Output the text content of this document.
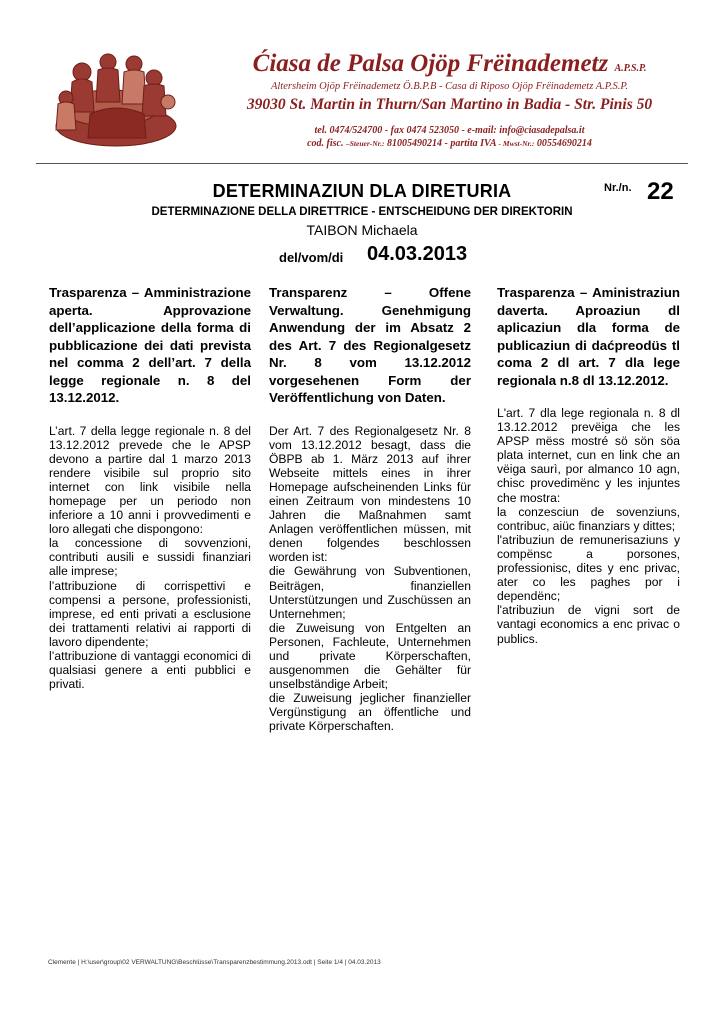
Ćiasa de Palsa Ojöp Frëinademetz A.P.S.P.
Altersheim Ojöp Frëinademetz Ö.B.P.B - Casa di Riposo Ojöp Frëinademetz A.P.S.P.
39030 St. Martin in Thurn/San Martino in Badia - Str. Pinis 50
tel. 0474/524700 - fax 0474 523050 - e-mail: info@ciasadepalsa.it
cod. fisc. –Steuer-Nr.: 81005490214 - partita IVA - Mwst-Nr.: 00554690214
DETERMINAZIUN DLA DIRETURIA	Nr./n. 22
DETERMINAZIONE DELLA DIRETTRICE - ENTSCHEIDUNG DER DIREKTORIN
TAIBON Michaela
del/vom/di 04.03.2013
Trasparenza – Amministrazione aperta. Approvazione dell’applicazione della forma di pubblicazione dei dati prevista nel comma 2 dell’art. 7 della legge regionale n. 8 del 13.12.2012.

L’art. 7 della legge regionale n. 8 del 13.12.2012 prevede che le APSP devono a partire dal 1 marzo 2013 rendere visibile sul proprio sito internet con link visibile nella homepage per un periodo non inferiore a 10 anni i provvedimenti e loro allegati che dispongono:

la concessione di sovvenzioni, contributi ausili e sussidi finanziari alle imprese;

l’attribuzione di corrispettivi e compensi a persone, professionisti, imprese, ed enti privati a esclusione dei trattamenti relativi ai rapporti di lavoro dipendente;

l’attribuzione di vantaggi economici di qualsiasi genere a enti pubblici e privati.

Transparenz – Offene Verwaltung. Genehmigung Anwendung der im Absatz 2 des Art. 7 des Regionalgesetz Nr. 8 vom 13.12.2012 vorgesehenen Form der Veröffentlichung von Daten.

Der Art. 7 des Regionalgesetz Nr. 8 vom 13.12.2012 besagt, dass die ÖBPB ab 1. März 2013 auf ihrer Webseite mittels eines in ihrer Homepage aufscheinenden Links für einen Zeitraum von mindestens 10 Jahren die Maßnahmen samt Anlagen veröffentlichen müssen, mit denen folgendes beschlossen worden ist:

die Gewährung von Subventionen, Beiträgen, finanziellen Unterstützungen und Zuschüssen an Unternehmen;

die Zuweisung von Entgelten an Personen, Fachleute, Unternehmen und private Körperschaften, ausgenommen die Gehälter für unselbständige Arbeit;

die Zuweisung jeglicher finanzieller Vergünstigung an öffentliche und private Körperschaften.

Trasparenza – Aministraziun daverta. Aproaziun dl aplicaziun dla forma de publicaziun di daćpreodüs tl coma 2 dl art. 7 dla lege regionala n.8 dl 13.12.2012.

L'art. 7 dla lege regionala n. 8 dl 13.12.2012 prevëiga che les APSP mëss mostré sö sön söa plata internet, cun en link che an vëiga saurì, por almanco 10 agn, chisc provedimënc y les injuntes che mostra:

la conzesciun de sovenziuns, contribuc, aiüc finanziars y dittes;

l'atribuziun de remunerisaziuns y compënsc a porsones, professionisc, dites y enc privac, ater co les paghes por i dependënc;

l'atribuziun de vigni sort de vantagi economics a enc privac o publics.

Clemente | H:\user\group\02 VERWALTUNG\Beschlüsse\Transparenzbestimmung.2013.odt | Seite 1/4 | 04.03.2013
